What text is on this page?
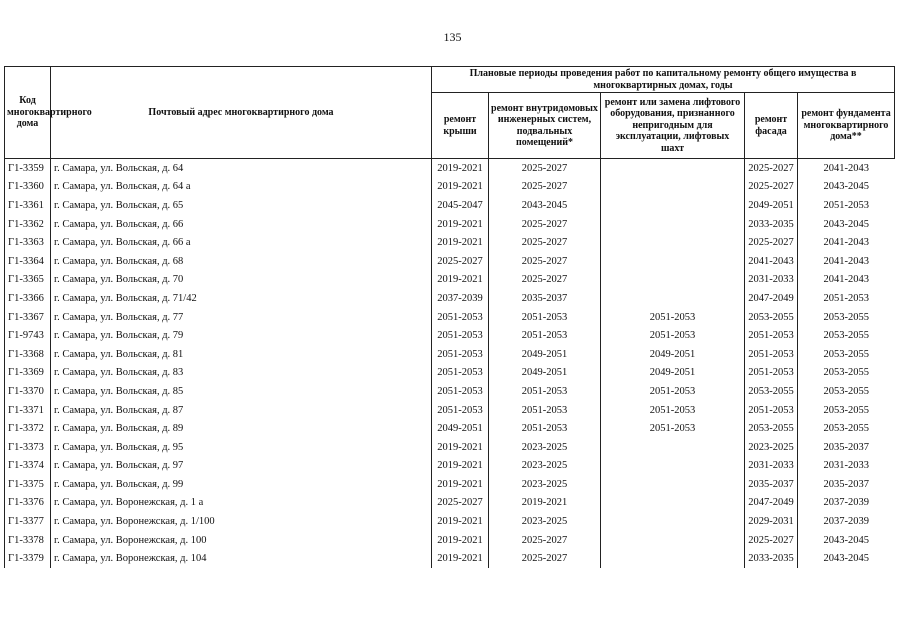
135
Код многоквартирного дома	Почтовый адрес многоквартирного дома	Плановые периоды проведения работ по капитальному ремонту общего имущества в многоквартирных домах, годы				
		ремонт крыши	ремонт внутридомовых инженерных систем, подвальных помещений*	ремонт или замена лифтового оборудования, признанного непригодным для эксплуатации, лифтовых шахт	ремонт фасада	ремонт фундамента многоквартирного дома**
Г1-3359	г. Самара, ул. Вольская, д. 64	2019-2021	2025-2027		2025-2027	2041-2043
Г1-3360	г. Самара, ул. Вольская, д. 64 а	2019-2021	2025-2027		2025-2027	2043-2045
Г1-3361	г. Самара, ул. Вольская, д. 65	2045-2047	2043-2045		2049-2051	2051-2053
Г1-3362	г. Самара, ул. Вольская, д. 66	2019-2021	2025-2027		2033-2035	2043-2045
Г1-3363	г. Самара, ул. Вольская, д. 66 а	2019-2021	2025-2027		2025-2027	2041-2043
Г1-3364	г. Самара, ул. Вольская, д. 68	2025-2027	2025-2027		2041-2043	2041-2043
Г1-3365	г. Самара, ул. Вольская, д. 70	2019-2021	2025-2027		2031-2033	2041-2043
Г1-3366	г. Самара, ул. Вольская, д. 71/42	2037-2039	2035-2037		2047-2049	2051-2053
Г1-3367	г. Самара, ул. Вольская, д. 77	2051-2053	2051-2053	2051-2053	2053-2055	2053-2055
Г1-9743	г. Самара, ул. Вольская, д. 79	2051-2053	2051-2053	2051-2053	2051-2053	2053-2055
Г1-3368	г. Самара, ул. Вольская, д. 81	2051-2053	2049-2051	2049-2051	2051-2053	2053-2055
Г1-3369	г. Самара, ул. Вольская, д. 83	2051-2053	2049-2051	2049-2051	2051-2053	2053-2055
Г1-3370	г. Самара, ул. Вольская, д. 85	2051-2053	2051-2053	2051-2053	2053-2055	2053-2055
Г1-3371	г. Самара, ул. Вольская, д. 87	2051-2053	2051-2053	2051-2053	2051-2053	2053-2055
Г1-3372	г. Самара, ул. Вольская, д. 89	2049-2051	2051-2053	2051-2053	2053-2055	2053-2055
Г1-3373	г. Самара, ул. Вольская, д. 95	2019-2021	2023-2025		2023-2025	2035-2037
Г1-3374	г. Самара, ул. Вольская, д. 97	2019-2021	2023-2025		2031-2033	2031-2033
Г1-3375	г. Самара, ул. Вольская, д. 99	2019-2021	2023-2025		2035-2037	2035-2037
Г1-3376	г. Самара, ул. Воронежская, д. 1 а	2025-2027	2019-2021		2047-2049	2037-2039
Г1-3377	г. Самара, ул. Воронежская, д. 1/100	2019-2021	2023-2025		2029-2031	2037-2039
Г1-3378	г. Самара, ул. Воронежская, д. 100	2019-2021	2025-2027		2025-2027	2043-2045
Г1-3379	г. Самара, ул. Воронежская, д. 104	2019-2021	2025-2027		2033-2035	2043-2045
